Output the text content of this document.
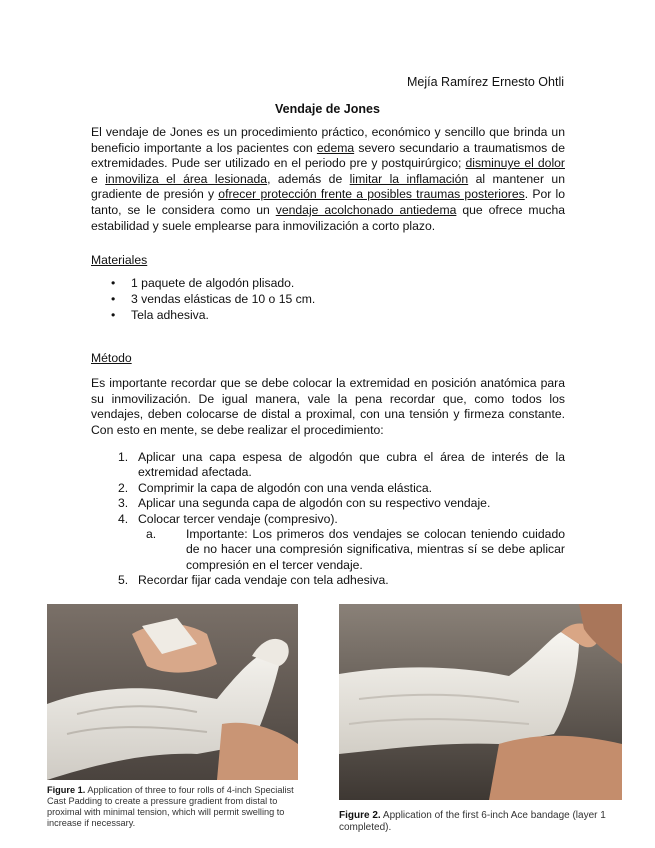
Mejía Ramírez Ernesto Ohtli
Vendaje de Jones
El vendaje de Jones es un procedimiento práctico, económico y sencillo que brinda un beneficio importante a los pacientes con edema severo secundario a traumatismos de extremidades. Pude ser utilizado en el periodo pre y postquirúrgico; disminuye el dolor e inmoviliza el área lesionada, además de limitar la inflamación al mantener un gradiente de presión y ofrecer protección frente a posibles traumas posteriores. Por lo tanto, se le considera como un vendaje acolchonado antiedema que ofrece mucha estabilidad y suele emplearse para inmovilización a corto plazo.
Materiales
• 1 paquete de algodón plisado.
• 3 vendas elásticas de 10 o 15 cm.
• Tela adhesiva.
Método
Es importante recordar que se debe colocar la extremidad en posición anatómica para su inmovilización. De igual manera, vale la pena recordar que, como todos los vendajes, deben colocarse de distal a proximal, con una tensión y firmeza constante. Con esto en mente, se debe realizar el procedimiento:
1. Aplicar una capa espesa de algodón que cubra el área de interés de la extremidad afectada.
2. Comprimir la capa de algodón con una venda elástica.
3. Aplicar una segunda capa de algodón con su respectivo vendaje.
4. Colocar tercer vendaje (compresivo).
a. Importante: Los primeros dos vendajes se colocan teniendo cuidado de no hacer una compresión significativa, mientras sí se debe aplicar compresión en el tercer vendaje.
5. Recordar fijar cada vendaje con tela adhesiva.
Figure 1. Application of three to four rolls of 4-inch Specialist Cast Padding to create a pressure gradient from distal to proximal with minimal tension, which will permit swelling to increase if necessary.
Figure 2. Application of the first 6-inch Ace bandage (layer 1 completed).
